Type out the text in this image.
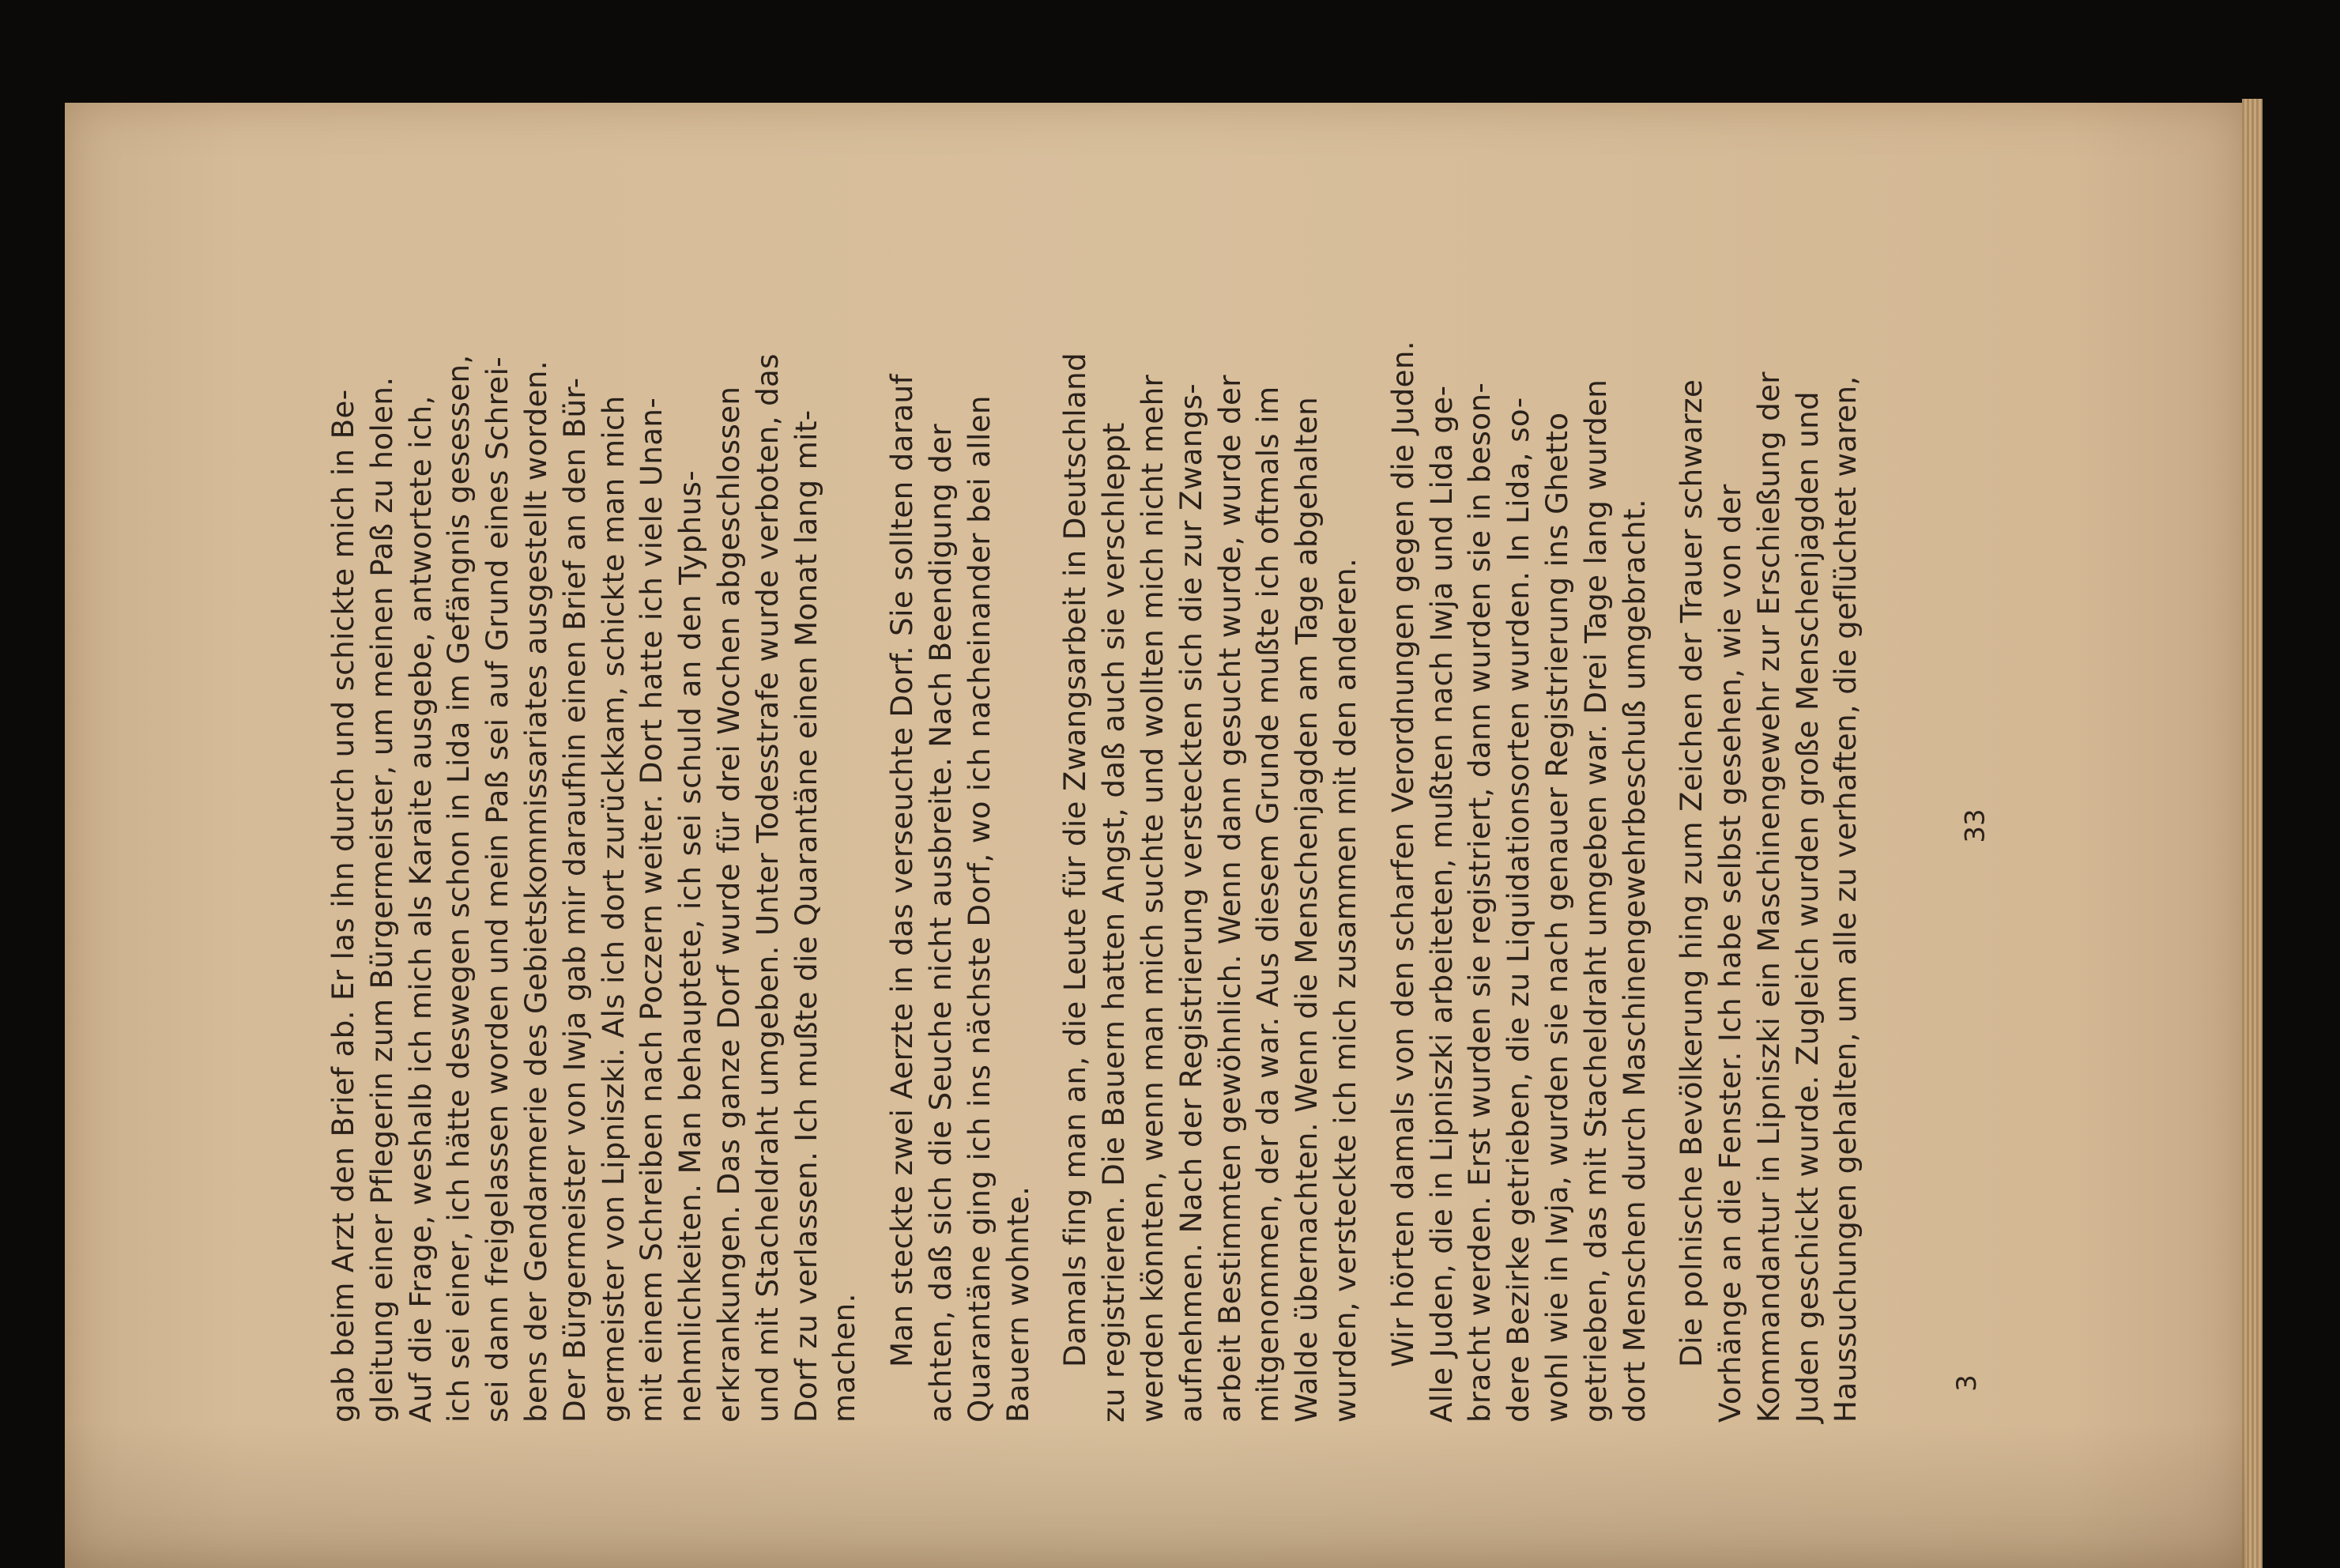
gab beim Arzt den Brief ab. Er las ihn durch und schickte mich in Be- gleitung einer Pflegerin zum Bürgermeister, um meinen Paß zu holen. Auf die Frage, weshalb ich mich als Karaite ausgebe, antwortete ich, ich sei einer, ich hätte deswegen schon in Lida im Gefängnis gesessen, sei dann freigelassen worden und mein Paß sei auf Grund eines Schrei- bens der Gendarmerie des Gebietskommissariates ausgestellt worden. Der Bürgermeister von Iwja gab mir daraufhin einen Brief an den Bür- germeister von Lipniszki. Als ich dort zurückkam, schickte man mich mit einem Schreiben nach Poczern weiter. Dort hatte ich viele Unan- nehmlichkeiten. Man behauptete, ich sei schuld an den Typhus- erkrankungen. Das ganze Dorf wurde für drei Wochen abgeschlossen und mit Stacheldraht umgeben. Unter Todesstrafe wurde verboten, das Dorf zu verlassen. Ich mußte die Quarantäne einen Monat lang mit- machen. Man steckte zwei Aerzte in das verseuchte Dorf. Sie sollten darauf achten, daß sich die Seuche nicht ausbreite. Nach Beendigung der Quarantäne ging ich ins nächste Dorf, wo ich nacheinander bei allen Bauern wohnte. Damals fing man an, die Leute für die Zwangsarbeit in Deutschland zu registrieren. Die Bauern hatten Angst, daß auch sie verschleppt werden könnten, wenn man mich suchte und wollten mich nicht mehr aufnehmen. Nach der Registrierung versteckten sich die zur Zwangs- arbeit Bestimmten gewöhnlich. Wenn dann gesucht wurde, wurde der mitgenommen, der da war. Aus diesem Grunde mußte ich oftmals im Walde übernachten. Wenn die Menschenjagden am Tage abgehalten wurden, versteckte ich mich zusammen mit den anderen. Wir hörten damals von den scharfen Verordnungen gegen die Juden. Alle Juden, die in Lipniszki arbeiteten, mußten nach Iwja und Lida ge- bracht werden. Erst wurden sie registriert, dann wurden sie in beson- dere Bezirke getrieben, die zu Liquidationsorten wurden. In Lida, so- wohl wie in Iwja, wurden sie nach genauer Registrierung ins Ghetto getrieben, das mit Stacheldraht umgeben war. Drei Tage lang wurden dort Menschen durch Maschinengewehrbeschuß umgebracht. Die polnische Bevölkerung hing zum Zeichen der Trauer schwarze Vorhänge an die Fenster. Ich habe selbst gesehen, wie von der Kommandantur in Lipniszki ein Maschinengewehr zur Erschießung der Juden geschickt wurde. Zugleich wurden große Menschenjagden und Haussuchungen gehalten, um alle zu verhaften, die geflüchtet waren,	3
33
